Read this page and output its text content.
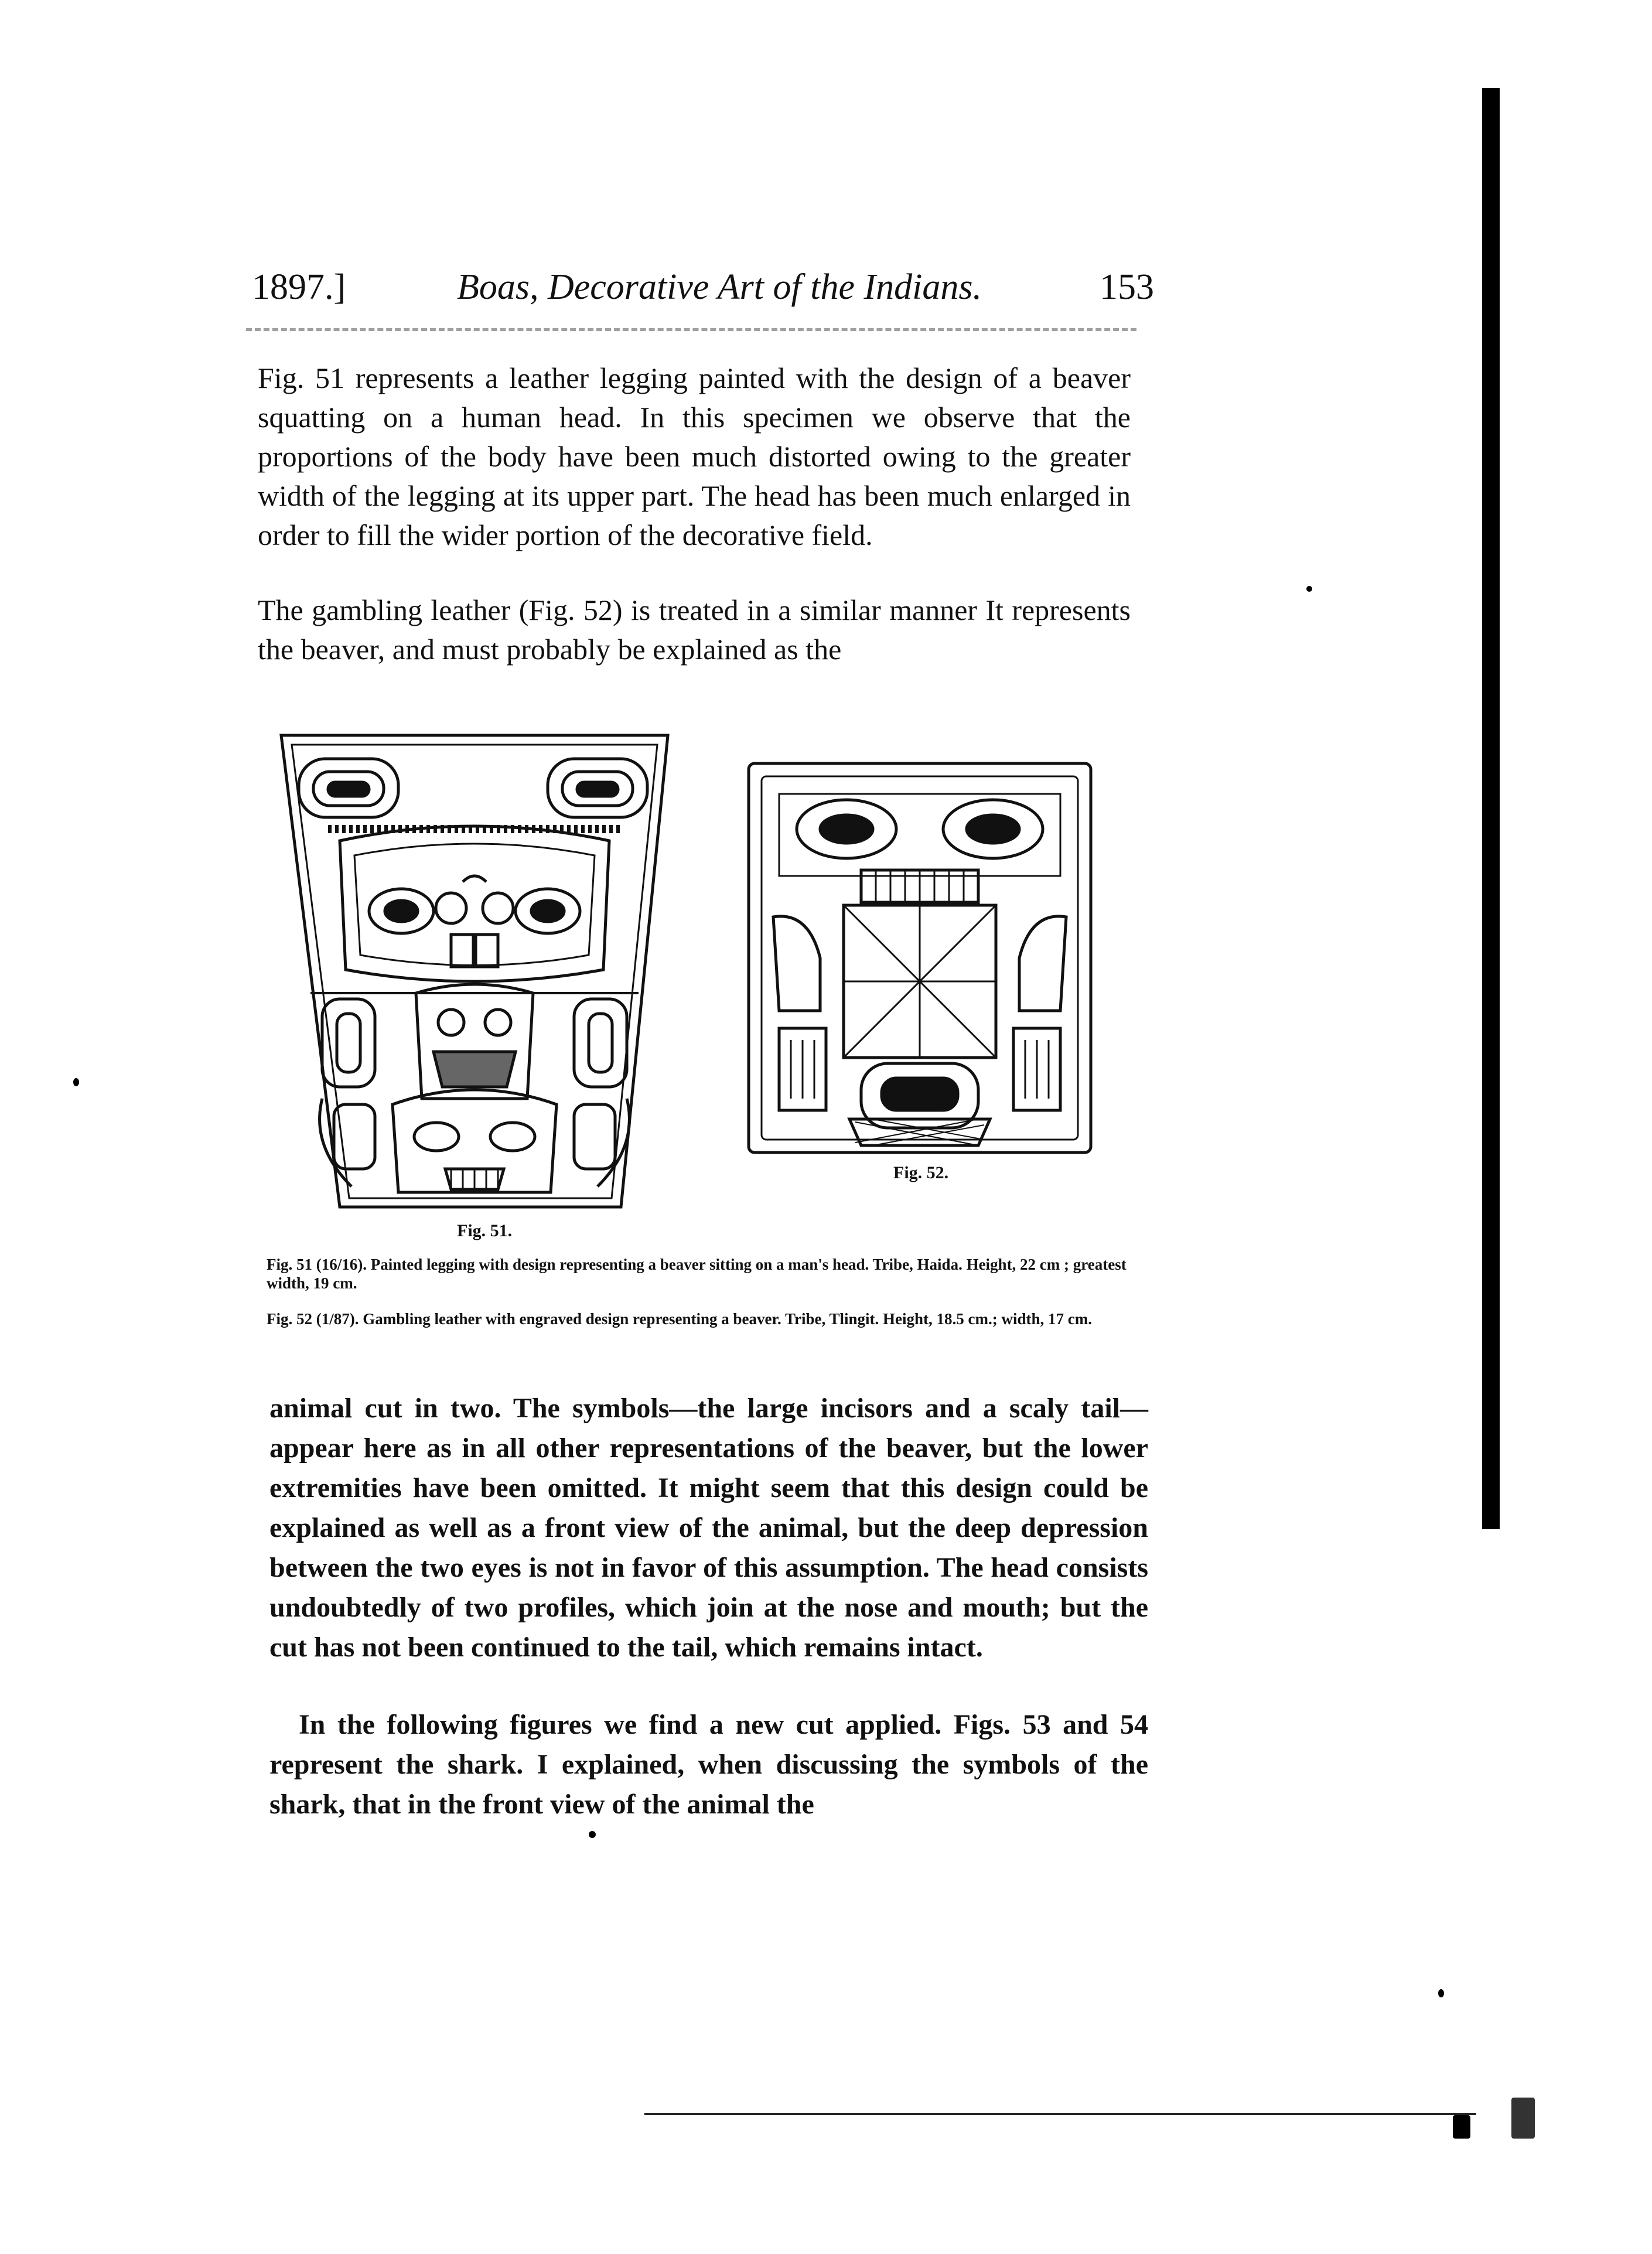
1897.]	Boas, Decorative Art of the Indians.	153

Fig. 51 represents a leather legging painted with the design of a beaver squatting on a human head. In this specimen we observe that the proportions of the body have been much distorted owing to the greater width of the legging at its upper part. The head has been much enlarged in order to fill the wider portion of the decorative field.

The gambling leather (Fig. 52) is treated in a similar manner It represents the beaver, and must probably be explained as the

Fig. 51.
Fig. 52.

Fig. 51 (16/16). Painted legging with design representing a beaver sitting on a man's head. Tribe, Haida. Height, 22 cm ; greatest width, 19 cm.

Fig. 52 (1/87). Gambling leather with engraved design representing a beaver. Tribe, Tlingit. Height, 18.5 cm.; width, 17 cm.

animal cut in two. The symbols—the large incisors and a scaly tail—appear here as in all other representations of the beaver, but the lower extremities have been omitted. It might seem that this design could be explained as well as a front view of the animal, but the deep depression between the two eyes is not in favor of this assumption. The head consists undoubtedly of two profiles, which join at the nose and mouth; but the cut has not been continued to the tail, which remains intact.

In the following figures we find a new cut applied. Figs. 53 and 54 represent the shark. I explained, when discussing the symbols of the shark, that in the front view of the animal the
